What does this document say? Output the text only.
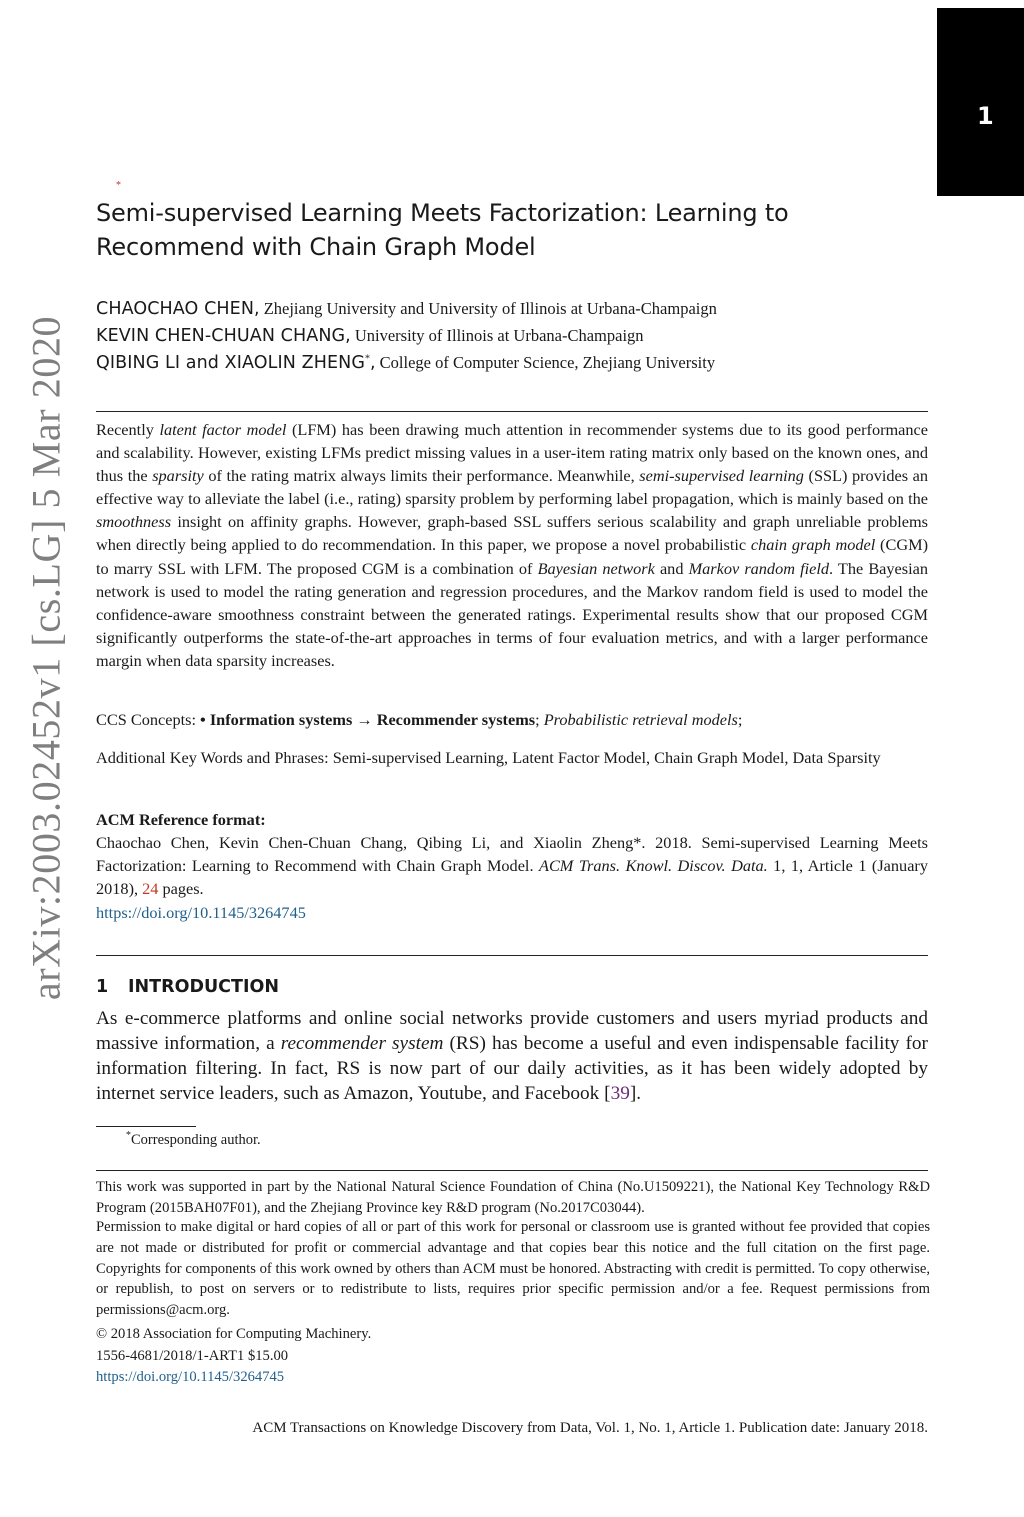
1
arXiv:2003.02452v1 [cs.LG] 5 Mar 2020
*
Semi-supervised Learning Meets Factorization: Learning to Recommend with Chain Graph Model
CHAOCHAO CHEN, Zhejiang University and University of Illinois at Urbana-Champaign
KEVIN CHEN-CHUAN CHANG, University of Illinois at Urbana-Champaign
QIBING LI and XIAOLIN ZHENG*, College of Computer Science, Zhejiang University

Recently latent factor model (LFM) has been drawing much attention in recommender systems due to its good performance and scalability. However, existing LFMs predict missing values in a user-item rating matrix only based on the known ones, and thus the sparsity of the rating matrix always limits their performance. Meanwhile, semi-supervised learning (SSL) provides an effective way to alleviate the label (i.e., rating) sparsity problem by performing label propagation, which is mainly based on the smoothness insight on affinity graphs. However, graph-based SSL suffers serious scalability and graph unreliable problems when directly being applied to do recommendation. In this paper, we propose a novel probabilistic chain graph model (CGM) to marry SSL with LFM. The proposed CGM is a combination of Bayesian network and Markov random field. The Bayesian network is used to model the rating generation and regression procedures, and the Markov random field is used to model the confidence-aware smoothness constraint between the generated ratings. Experimental results show that our proposed CGM significantly outperforms the state-of-the-art approaches in terms of four evaluation metrics, and with a larger performance margin when data sparsity increases.

CCS Concepts: • Information systems → Recommender systems; Probabilistic retrieval models;

Additional Key Words and Phrases: Semi-supervised Learning, Latent Factor Model, Chain Graph Model, Data Sparsity

ACM Reference format:

Chaochao Chen, Kevin Chen-Chuan Chang, Qibing Li, and Xiaolin Zheng*. 2018. Semi-supervised Learning Meets Factorization: Learning to Recommend with Chain Graph Model. ACM Trans. Knowl. Discov. Data. 1, 1, Article 1 (January 2018), 24 pages.

https://doi.org/10.1145/3264745

1 INTRODUCTION

As e-commerce platforms and online social networks provide customers and users myriad products and massive information, a recommender system (RS) has become a useful and even indispensable facility for information filtering. In fact, RS is now part of our daily activities, as it has been widely adopted by internet service leaders, such as Amazon, Youtube, and Facebook [39].

*Corresponding author.

This work was supported in part by the National Natural Science Foundation of China (No.U1509221), the National Key Technology R&D Program (2015BAH07F01), and the Zhejiang Province key R&D program (No.2017C03044).

Permission to make digital or hard copies of all or part of this work for personal or classroom use is granted without fee provided that copies are not made or distributed for profit or commercial advantage and that copies bear this notice and the full citation on the first page. Copyrights for components of this work owned by others than ACM must be honored. Abstracting with credit is permitted. To copy otherwise, or republish, to post on servers or to redistribute to lists, requires prior specific permission and/or a fee. Request permissions from permissions@acm.org.

© 2018 Association for Computing Machinery.

1556-4681/2018/1-ART1 $15.00

https://doi.org/10.1145/3264745

ACM Transactions on Knowledge Discovery from Data, Vol. 1, No. 1, Article 1. Publication date: January 2018.
